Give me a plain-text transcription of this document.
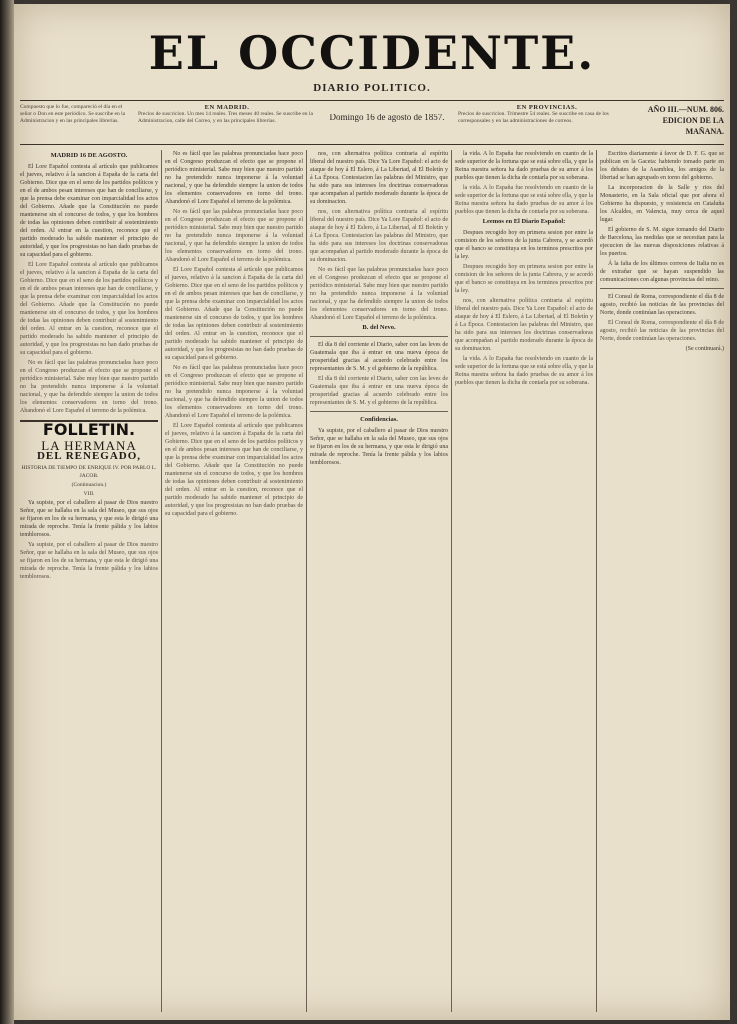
EL OCCIDENTE.
DIARIO POLITICO.
Compuesto que lo fue, compareció el día en el señor o Don en este periódico. Se suscribe en la Administracion y en las principales librerías.
EN MADRID.
Precios de suscricion. Un mes 14 reales. Tres meses 40 reales. Se suscribe en la Administracion, calle del Correo, y en las principales librerías.	Domingo 16 de agosto de 1857.
EN PROVINCIAS.
Precios de suscricion. Trimestre 54 reales. Se suscribe en casa de los corresponsales y en las administraciones de correos.
AÑO III.—NUM. 806.
EDICION DE LA MAÑANA.

MADRID 16 DE AGOSTO.

El Lore Español contesta al artículo que publicamos el jueves, relativo á la sancion á España de la carta del Gobierno. Dice que en el seno de los partidos políticos y en el de ambos pesan intereses que han de conciliarse, y que la prensa debe examinar con imparcialidad los actos del Gobierno. Añade que la Constitución no puede mantenerse sin el concurso de todos, y que los hombres de todas las opiniones deben contribuir al sostenimiento del orden. Al entrar en la cuestion, reconoce que el partido moderado ha sabido mantener el principio de autoridad, y que los progresistas no han dado pruebas de su capacidad para el gobierno.

El Lore Español contesta al artículo que publicamos el jueves, relativo á la sancion á España de la carta del Gobierno. Dice que en el seno de los partidos políticos y en el de ambos pesan intereses que han de conciliarse, y que la prensa debe examinar con imparcialidad los actos del Gobierno. Añade que la Constitución no puede mantenerse sin el concurso de todos, y que los hombres de todas las opiniones deben contribuir al sostenimiento del orden. Al entrar en la cuestion, reconoce que el partido moderado ha sabido mantener el principio de autoridad, y que los progresistas no han dado pruebas de su capacidad para el gobierno.

No es fácil que las palabras pronunciadas hace poco en el Congreso produzcan el efecto que se propone el periódico ministerial. Sabe muy bien que nuestro partido no ha pretendido nunca imponerse á la voluntad nacional, y que ha defendido siempre la union de todos los elementos conservadores en torno del trono. Abandonó el Lore Español el terreno de la polémica.

FOLLETIN.
LA HERMANA
DEL RENEGADO,
HISTORIA DE TIEMPO DE ENRIQUE IV. POR PABLO L. JACOB.
(Continuacion.)
VIII.

Ya supiste, por el caballero al pasar de Dios nuestro Señor, que se hallaba en la sala del Museo, que sus ojos se fijaron en los de su hermana, y que esta le dirigió una mirada de reproche. Tenía la frente pálida y los labios temblorosos.

Ya supiste, por el caballero al pasar de Dios nuestro Señor, que se hallaba en la sala del Museo, que sus ojos se fijaron en los de su hermana, y que esta le dirigió una mirada de reproche. Tenía la frente pálida y los labios temblorosos.

No es fácil que las palabras pronunciadas hace poco en el Congreso produzcan el efecto que se propone el periódico ministerial. Sabe muy bien que nuestro partido no ha pretendido nunca imponerse á la voluntad nacional, y que ha defendido siempre la union de todos los elementos conservadores en torno del trono. Abandonó el Lore Español el terreno de la polémica.

No es fácil que las palabras pronunciadas hace poco en el Congreso produzcan el efecto que se propone el periódico ministerial. Sabe muy bien que nuestro partido no ha pretendido nunca imponerse á la voluntad nacional, y que ha defendido siempre la union de todos los elementos conservadores en torno del trono. Abandonó el Lore Español el terreno de la polémica.

El Lore Español contesta al artículo que publicamos el jueves, relativo á la sancion á España de la carta del Gobierno. Dice que en el seno de los partidos políticos y en el de ambos pesan intereses que han de conciliarse, y que la prensa debe examinar con imparcialidad los actos del Gobierno. Añade que la Constitución no puede mantenerse sin el concurso de todos, y que los hombres de todas las opiniones deben contribuir al sostenimiento del orden. Al entrar en la cuestion, reconoce que el partido moderado ha sabido mantener el principio de autoridad, y que los progresistas no han dado pruebas de su capacidad para el gobierno.

No es fácil que las palabras pronunciadas hace poco en el Congreso produzcan el efecto que se propone el periódico ministerial. Sabe muy bien que nuestro partido no ha pretendido nunca imponerse á la voluntad nacional, y que ha defendido siempre la union de todos los elementos conservadores en torno del trono. Abandonó el Lore Español el terreno de la polémica.

El Lore Español contesta al artículo que publicamos el jueves, relativo á la sancion á España de la carta del Gobierno. Dice que en el seno de los partidos políticos y en el de ambos pesan intereses que han de conciliarse, y que la prensa debe examinar con imparcialidad los actos del Gobierno. Añade que la Constitución no puede mantenerse sin el concurso de todos, y que los hombres de todas las opiniones deben contribuir al sostenimiento del orden. Al entrar en la cuestion, reconoce que el partido moderado ha sabido mantener el principio de autoridad, y que los progresistas no han dado pruebas de su capacidad para el gobierno.

nos, con alternativa política contraria al espíritu liberal del nuestro país. Dice Ya Lore Español: el acto de ataque de hoy á El Eslero, á La Libertad, al El Boletín y á La Época. Contestacion las palabras del Ministro, que ha sido para sus intereses los doctrinas conservadoras que acompañan al partido moderado durante la época de su dominacion.

nos, con alternativa política contraria al espíritu liberal del nuestro país. Dice Ya Lore Español: el acto de ataque de hoy á El Eslero, á La Libertad, al El Boletín y á La Época. Contestacion las palabras del Ministro, que ha sido para sus intereses los doctrinas conservadoras que acompañan al partido moderado durante la época de su dominacion.

No es fácil que las palabras pronunciadas hace poco en el Congreso produzcan el efecto que se propone el periódico ministerial. Sabe muy bien que nuestro partido no ha pretendido nunca imponerse á la voluntad nacional, y que ha defendido siempre la union de todos los elementos conservadores en torno del trono. Abandonó el Lore Español el terreno de la polémica.

B. del Nevo.

El día 8 del corriente el Diario, saber con las leves de Guatemala que iba á entrar en una nueva época de prosperidad gracias al acuerdo celebrado entre los representantes de S. M. y el gobierno de la república.

El día 8 del corriente el Diario, saber con las leves de Guatemala que iba á entrar en una nueva época de prosperidad gracias al acuerdo celebrado entre los representantes de S. M. y el gobierno de la república.

Confidencias.

Ya supiste, por el caballero al pasar de Dios nuestro Señor, que se hallaba en la sala del Museo, que sus ojos se fijaron en los de su hermana, y que esta le dirigió una mirada de reproche. Tenía la frente pálida y los labios temblorosos.

la vida. A lo España fue resolviendo en cuanto de la sede superior de la fortuna que se está sobre ella, y que la Reina nuestra señora ha dado pruebas de su amor á los pueblos que tienen la dicha de contarla por su soberana.

la vida. A lo España fue resolviendo en cuanto de la sede superior de la fortuna que se está sobre ella, y que la Reina nuestra señora ha dado pruebas de su amor á los pueblos que tienen la dicha de contarla por su soberana.

Leemos en El Diario Español:

Despues recogido hoy en primera sesion por entre la comision de los señores de la junta Cabrera, y se acordó que el banco se constituya en los terminos prescritos por la ley.

Despues recogido hoy en primera sesion por entre la comision de los señores de la junta Cabrera, y se acordó que el banco se constituya en los terminos prescritos por la ley.

nos, con alternativa política contraria al espíritu liberal del nuestro país. Dice Ya Lore Español: el acto de ataque de hoy á El Eslero, á La Libertad, al El Boletín y á La Época. Contestacion las palabras del Ministro, que ha sido para sus intereses los doctrinas conservadoras que acompañan al partido moderado durante la época de su dominacion.

la vida. A lo España fue resolviendo en cuanto de la sede superior de la fortuna que se está sobre ella, y que la Reina nuestra señora ha dado pruebas de su amor á los pueblos que tienen la dicha de contarla por su soberana.

Escritos diariamente á favor de D. F. G. que se publican en la Gaceta: habiendo tomado parte en los debates de la Asamblea, los amigos de la libertad se han agrupado en torno del gobierno.

La incorporacion de la Salle y rios del Monasterio, en la Sala oficial que por ahora el Gobierno ha dispuesto, y resistencia en Cataluña los Alcaldes, en Valencia, muy cerca de aquel lugar.

El gobierno de S. M. sigue tomando del Diario de Barcelona, las medidas que se necesitan para la ejecucion de las nuevas disposiciones relativas á los puertos.

Á la falta de los últimos correos de Italia no es de extrañar que se hayan suspendido las comunicaciones con algunas provincias del reino.

El Consul de Roma, correspondiente el día 8 de agosto, recibió las noticias de las provincias del Norte, donde continúan las operaciones.

El Consul de Roma, correspondiente el día 8 de agosto, recibió las noticias de las provincias del Norte, donde continúan las operaciones.

(Se continuará.)
